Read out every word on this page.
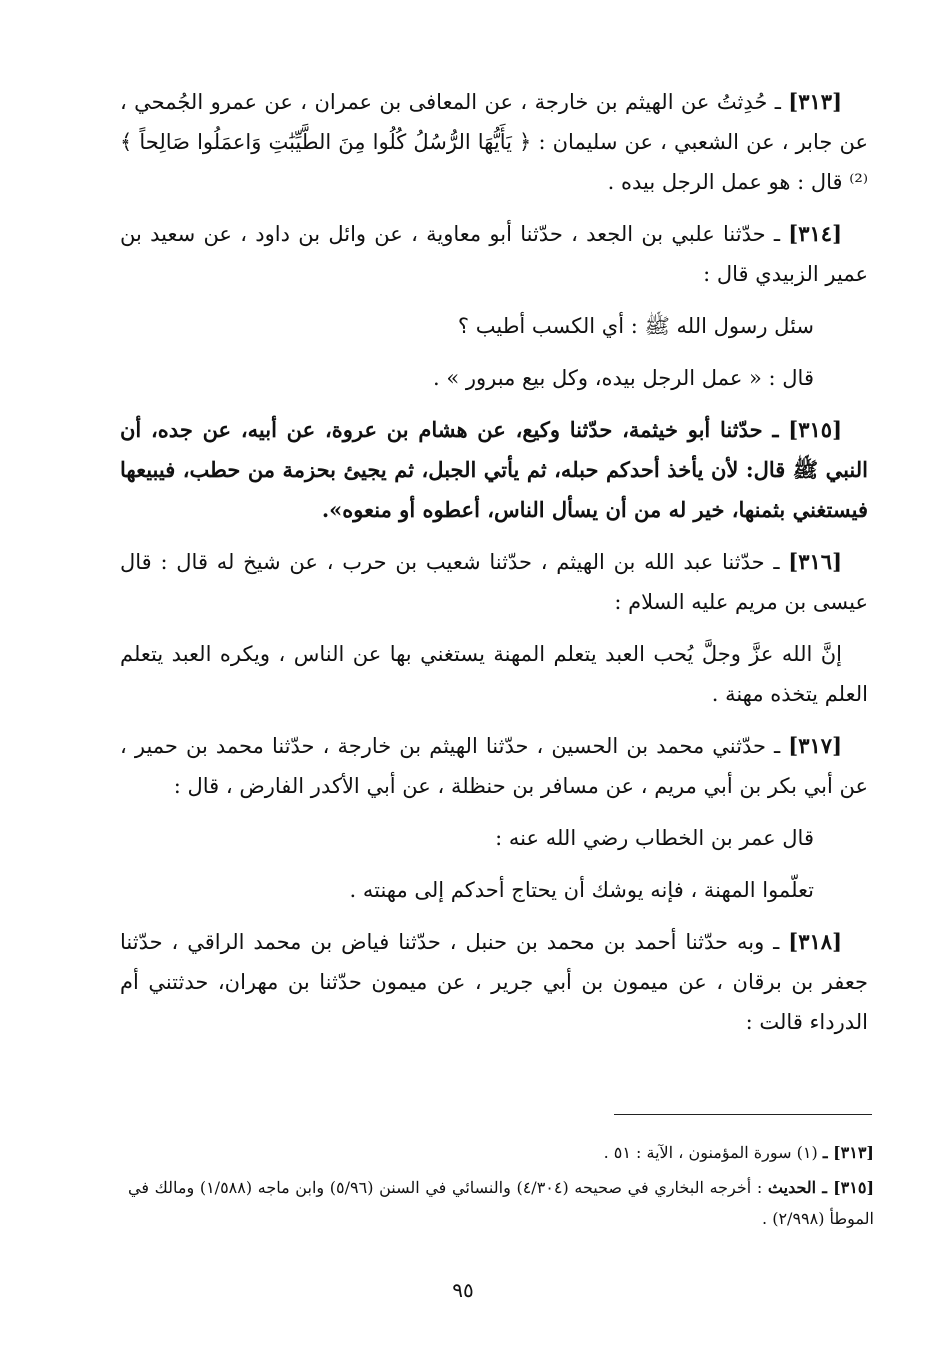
[٣١٣] ـ حُدِثتُ عن الهيثم بن خارجة ، عن المعافى بن عمران ، عن عمرو الجُمحي ، عن جابر ، عن الشعبي ، عن سليمان : ﴿ يَأَيُّهَا الرُّسُلُ كُلُوا مِنَ الطَّيِّبَٰتِ وَاعمَلُوا صَالِحاً ﴾⁽²⁾ قال : هو عمل الرجل بيده .

[٣١٤] ـ حدّثنا علبي بن الجعد ، حدّثنا أبو معاوية ، عن وائل بن داود ، عن سعيد بن عمير الزبيدي قال :

سئل رسول الله ﷺ : أي الكسب أطيب ؟

قال : « عمل الرجل بيده، وكل بيع مبرور » .

[٣١٥] ـ حدّثنا أبو خيثمة، حدّثنا وكيع، عن هشام بن عروة، عن أبيه، عن جده، أن النبي ﷺ قال: لأن يأخذ أحدكم حبله، ثم يأتي الجبل، ثم يجيئ بحزمة من حطب، فيبيعها فيستغني بثمنها، خير له من أن يسأل الناس، أعطوه أو منعوه».

[٣١٦] ـ حدّثنا عبد الله بن الهيثم ، حدّثنا شعيب بن حرب ، عن شيخ له قال : قال عيسى بن مريم عليه السلام :

إنَّ الله عزَّ وجلَّ يُحب العبد يتعلم المهنة يستغني بها عن الناس ، ويكره العبد يتعلم العلم يتخذه مهنة .

[٣١٧] ـ حدّثني محمد بن الحسين ، حدّثنا الهيثم بن خارجة ، حدّثنا محمد بن حمير ، عن أبي بكر بن أبي مريم ، عن مسافر بن حنظلة ، عن أبي الأكدر الفارض ، قال :

قال عمر بن الخطاب رضي الله عنه :

تعلّموا المهنة ، فإنه يوشك أن يحتاج أحدكم إلى مهنته .

[٣١٨] ـ وبه حدّثنا أحمد بن محمد بن حنبل ، حدّثنا فياض بن محمد الراقي ، حدّثنا جعفر بن برقان ، عن ميمون بن أبي جرير ، عن ميمون حدّثنا بن مهران، حدثتني أم الدرداء قالت :

[٣١٣] ـ (١) سورة المؤمنون ، الآية : ٥١ .

[٣١٥] ـ الحديث : أخرجه البخاري في صحيحه (٤/٣٠٤) والنسائي في السنن (٥/٩٦) وابن ماجه (١/٥٨٨) ومالك في الموطأ (٢/٩٩٨) .

٩٥
